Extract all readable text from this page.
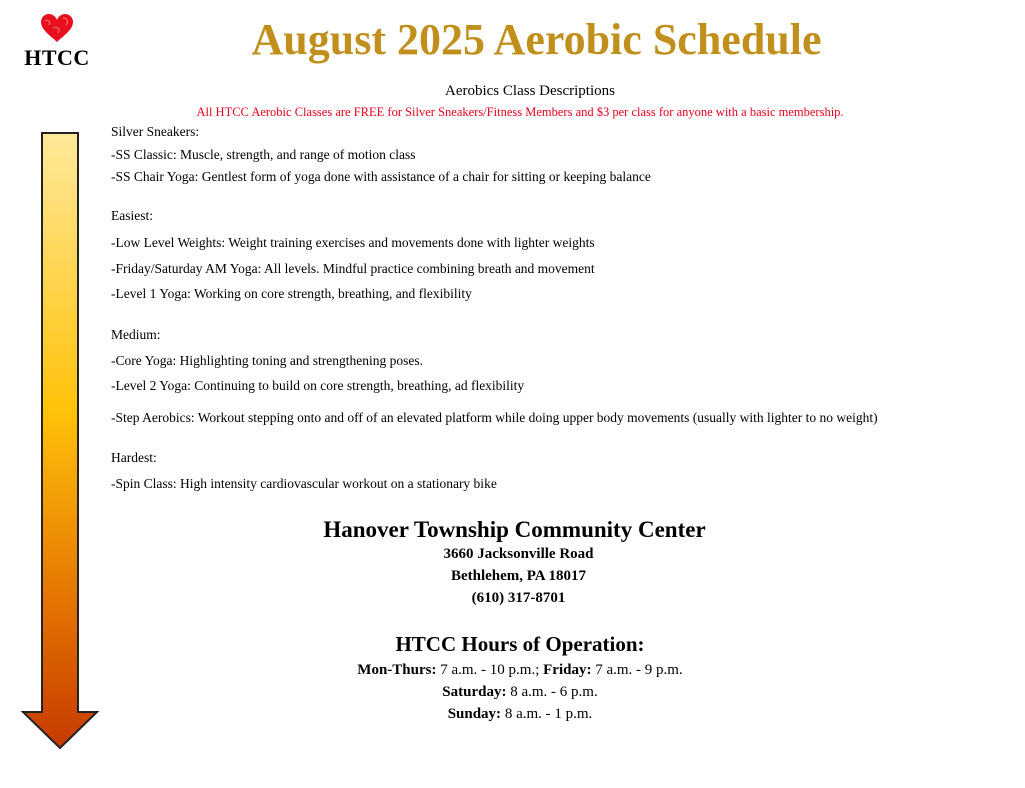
HTCC	August 2025 Aerobic Schedule
Aerobics Class Descriptions
All HTCC Aerobic Classes are FREE for Silver Sneakers/Fitness Members and $3 per class for anyone with a basic membership.
Silver Sneakers:
-SS Classic: Muscle, strength, and range of motion class
-SS Chair Yoga: Gentlest form of yoga done with assistance of a chair for sitting or keeping balance
Easiest:
-Low Level Weights: Weight training exercises and movements done with lighter weights
-Friday/Saturday AM Yoga: All levels. Mindful practice combining breath and movement
-Level 1 Yoga: Working on core strength, breathing, and flexibility
Medium:
-Core Yoga: Highlighting toning and strengthening poses.
-Level 2 Yoga: Continuing to build on core strength, breathing, ad flexibility
-Step Aerobics: Workout stepping onto and off of an elevated platform while doing upper body movements (usually with lighter to no weight)
Hardest:
-Spin Class: High intensity cardiovascular workout on a stationary bike
Hanover Township Community Center
3660 Jacksonville Road
Bethlehem, PA 18017
(610) 317-8701
HTCC Hours of Operation:
Mon-Thurs: 7 a.m. - 10 p.m.; Friday: 7 a.m. - 9 p.m.
Saturday: 8 a.m. - 6 p.m.
Sunday: 8 a.m. - 1 p.m.
